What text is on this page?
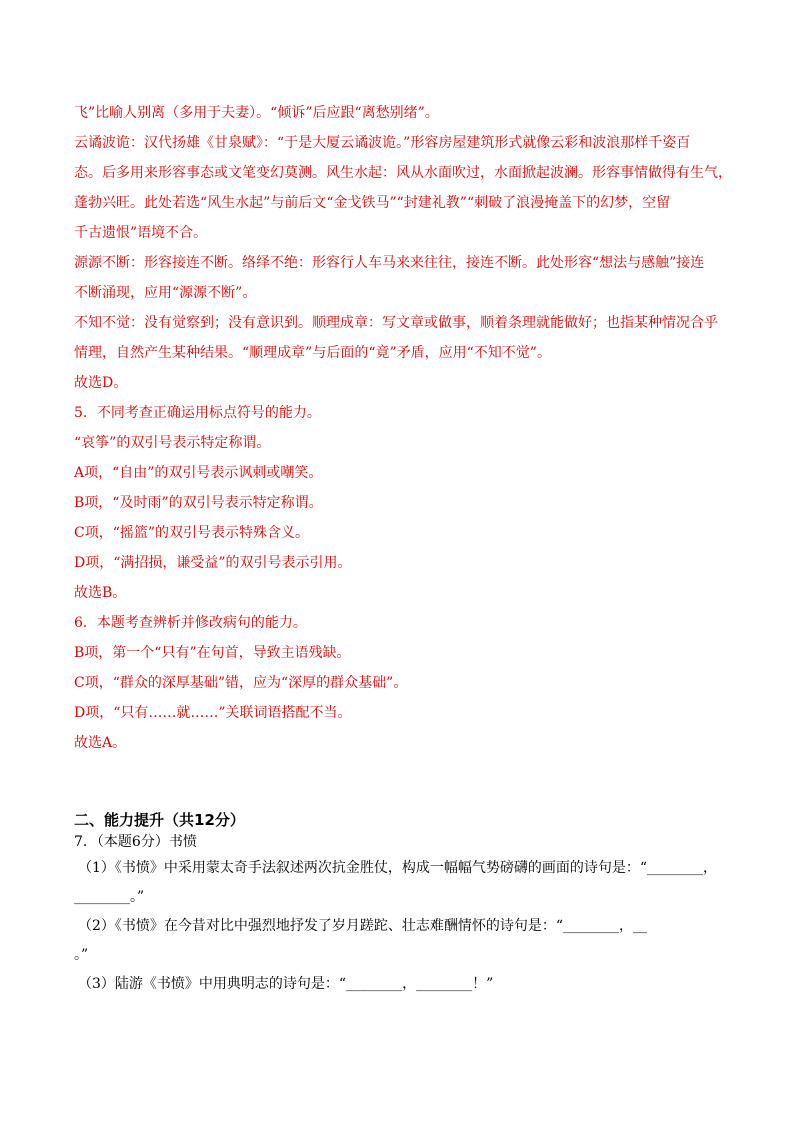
飞”比喻人别离（多用于夫妻）。“倾诉”后应跟“离愁别绪”。

云谲波诡：汉代扬雄《甘泉赋》：“于是大厦云谲波诡。”形容房屋建筑形式就像云彩和波浪那样千姿百

态。后多用来形容事态或文笔变幻莫测。风生水起：风从水面吹过，水面掀起波澜。形容事情做得有生气，

蓬勃兴旺。此处若选“风生水起”与前后文“金戈铁马”“封建礼教”“刺破了浪漫掩盖下的幻梦，空留

千古遗恨”语境不合。

源源不断：形容接连不断。络绎不绝：形容行人车马来来往往，接连不断。此处形容“想法与感触”接连

不断涌现，应用“源源不断”。

不知不觉：没有觉察到；没有意识到。顺理成章：写文章或做事，顺着条理就能做好；也指某种情况合乎

情理，自然产生某种结果。“顺理成章”与后面的“竟”矛盾，应用“不知不觉”。

故选D。

5．不同考查正确运用标点符号的能力。

“哀筝”的双引号表示特定称谓。

A项，“自由”的双引号表示讽刺或嘲笑。

B项，“及时雨”的双引号表示特定称谓。

C项，“摇篮”的双引号表示特殊含义。

D项，“满招损，谦受益”的双引号表示引用。

故选B。

6．本题考查辨析并修改病句的能力。

B项，第一个“只有”在句首，导致主语残缺。

C项，“群众的深厚基础”错，应为“深厚的群众基础”。

D项，“只有……就……”关联词语搭配不当。

故选A。

二、能力提升（共12分）
7．（本题6分）书愤

（1）《书愤》中采用蒙太奇手法叙述两次抗金胜仗，构成一幅幅气势磅礴的画面的诗句是：“________，

________。”

（2）《书愤》在今昔对比中强烈地抒发了岁月蹉跎、壮志难酬情怀的诗句是：“________，__

。”

（3）陆游《书愤》中用典明志的诗句是：“________，________！”
